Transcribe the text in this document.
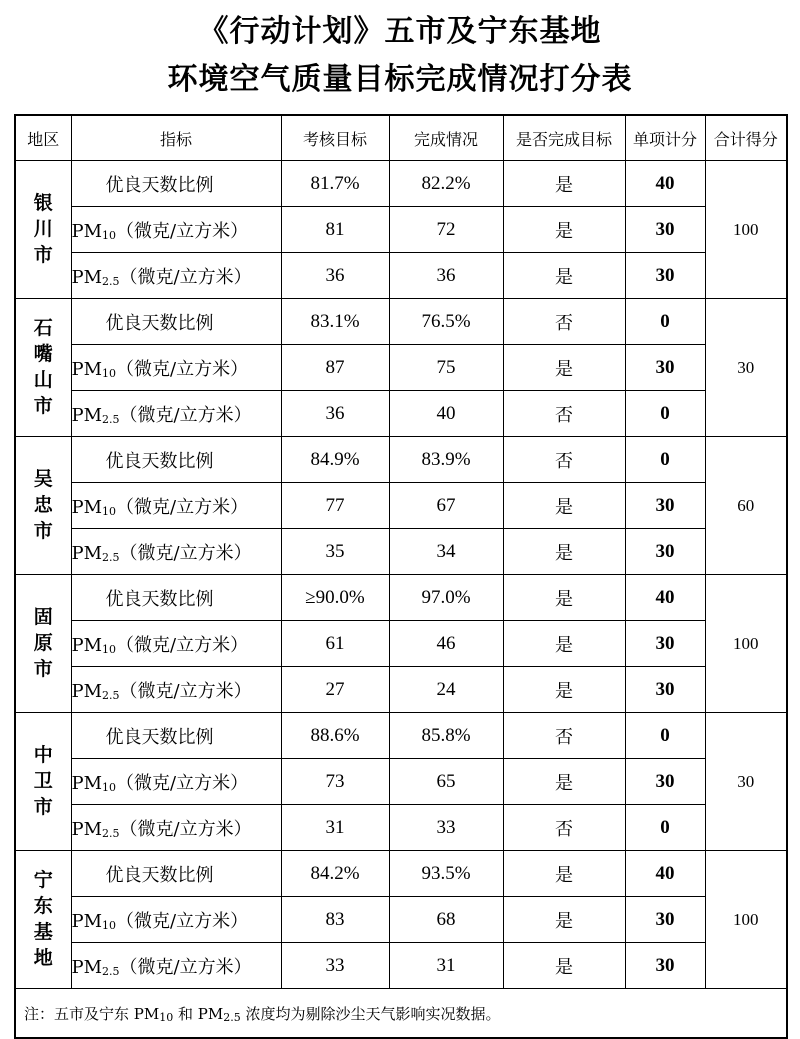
《行动计划》五市及宁东基地
环境空气质量目标完成情况打分表
地区	指标	考核目标	完成情况	是否完成目标	单项计分	合计得分

银
川
市	优良天数比例	81.7%	82.2%	是	40	100
	$PM_{10}$（微克/立方米）	81	72	是	30	
	$PM_{2.5}$（微克/立方米）	36	36	是	30	

石
嘴
山
市	优良天数比例	83.1%	76.5%	否	0	30
	$PM_{10}$（微克/立方米）	87	75	是	30	
	$PM_{2.5}$（微克/立方米）	36	40	否	0	

吴
忠
市	优良天数比例	84.9%	83.9%	否	0	60
	$PM_{10}$（微克/立方米）	77	67	是	30	
	$PM_{2.5}$（微克/立方米）	35	34	是	30	

固
原
市	优良天数比例	≥90.0%	97.0%	是	40	100
	$PM_{10}$（微克/立方米）	61	46	是	30	
	$PM_{2.5}$（微克/立方米）	27	24	是	30	

中
卫
市	优良天数比例	88.6%	85.8%	否	0	30
	$PM_{10}$（微克/立方米）	73	65	是	30	
	$PM_{2.5}$（微克/立方米）	31	33	否	0	

宁
东
基
地	优良天数比例	84.2%	93.5%	是	40	100
	$PM_{10}$（微克/立方米）	83	68	是	30	
	$PM_{2.5}$（微克/立方米）	33	31	是	30	
注：五市及宁东 $PM_{10}$ 和 $PM_{2.5}$ 浓度均为剔除沙尘天气影响实况数据。						
